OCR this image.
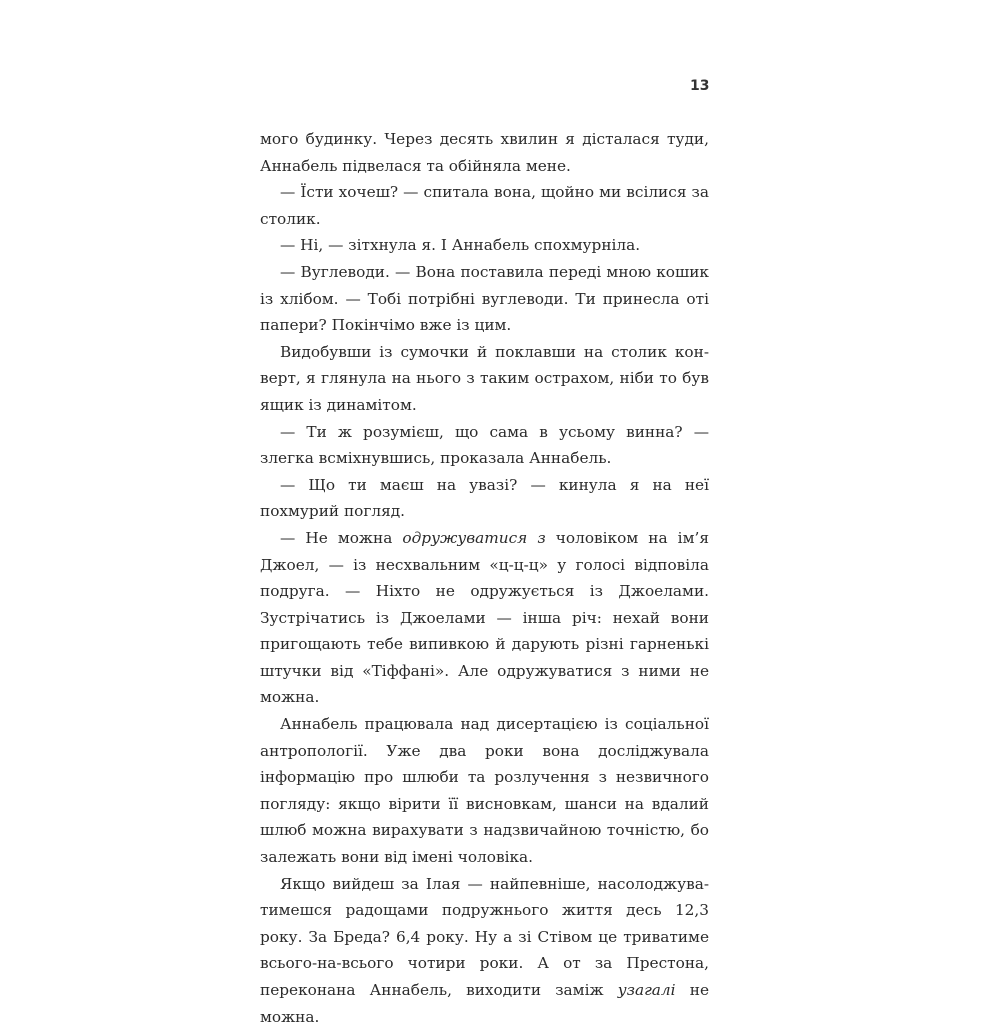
13

мого будинку. Через десять хвилин я дісталася туди, Аннабель підвелася та обійняла мене.

— Їсти хочеш? — спитала вона, щойно ми всілися за столик.

— Ні, — зітхнула я. І Аннабель спохмурніла.

— Вуглеводи. — Вона поставила переді мною кошик із хлібом. — Тобі потрібні вуглеводи. Ти принесла оті папери? Покінчімо вже із цим.

Видобувши із сумочки й поклавши на столик конверт, я глянула на нього з таким острахом, ніби то був ящик із динамітом.

— Ти ж розумієш, що сама в усьому винна? — злегка всміхнувшись, проказала Аннабель.

— Що ти маєш на увазі? — кинула я на неї похмурий погляд.

— Не можна одружуватися з чоловіком на ім’я Джоел, — із несхвальним «ц-ц-ц» у голосі відповіла подруга. — Ніхто не одружується із Джоелами. Зустрічатись із Джоелами — інша річ: нехай вони пригощають тебе випивкою й дарують різні гарненькі штучки від «Тіффані». Але одружуватися з ними не можна.

Аннабель працювала над дисертацією із соціальної антропології. Уже два роки вона досліджувала інформацію про шлюби та розлучення з незвичного погляду: якщо вірити її висновкам, шанси на вдалий шлюб можна вирахувати з надзвичайною точністю, бо залежать вони від імені чоловіка.

Якщо вийдеш за Ілая — найпевніше, насолоджуватимешся радощами подружнього життя десь 12,3 року. За Бреда? 6,4 року. Ну а зі Стівом це триватиме всього-на-всього чотири роки. А от за Престона, переконана Аннабель, виходити заміж узагалі не можна.
